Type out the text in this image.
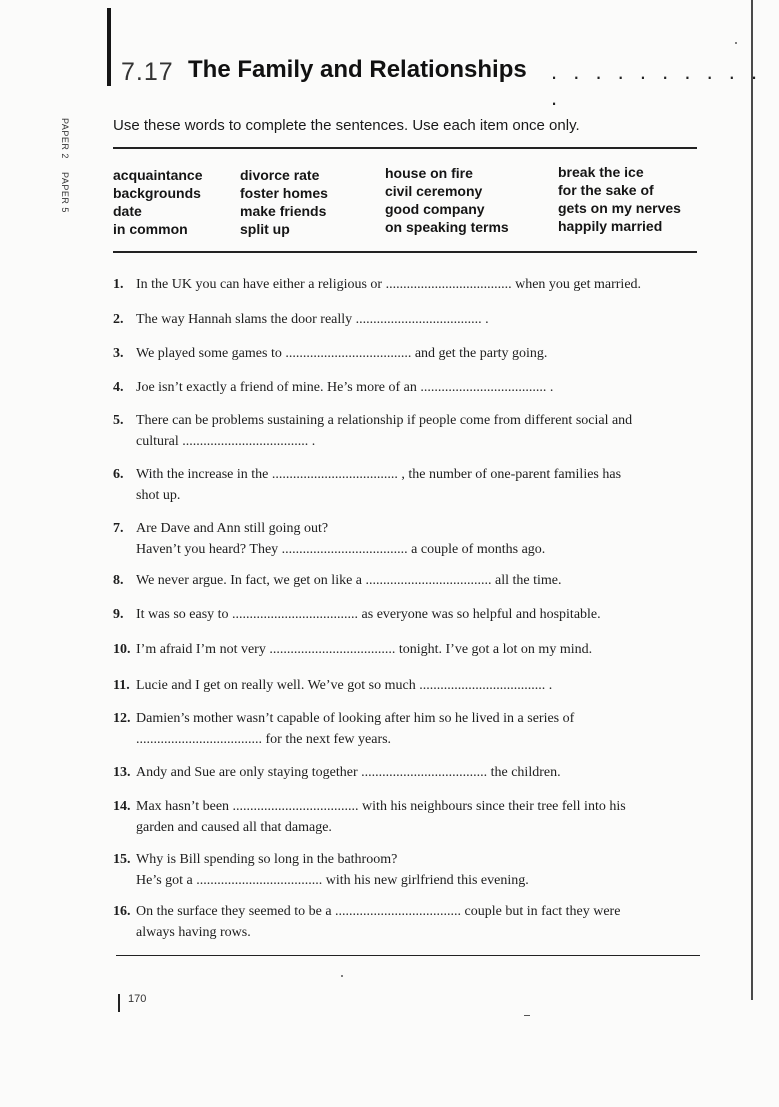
7.17 The Family and Relationships . . . . . . . . . . .
PAPER 2 PAPER 5
Use these words to complete the sentences. Use each item once only.
acquaintance
backgrounds
date
in common
divorce rate
foster homes
make friends
split up
house on fire
civil ceremony
good company
on speaking terms
break the ice
for the sake of
gets on my nerves
happily married
1. In the UK you can have either a religious or .................................... when you get married.
2. The way Hannah slams the door really .................................... .
3. We played some games to .................................... and get the party going.
4. Joe isn’t exactly a friend of mine. He’s more of an .................................... .
5. There can be problems sustaining a relationship if people come from different social and
cultural .................................... .
6. With the increase in the .................................... , the number of one-parent families has
shot up.
7. Are Dave and Ann still going out?
Haven’t you heard? They .................................... a couple of months ago.
8. We never argue. In fact, we get on like a .................................... all the time.
9. It was so easy to .................................... as everyone was so helpful and hospitable.
10. I’m afraid I’m not very .................................... tonight. I’ve got a lot on my mind.
11. Lucie and I get on really well. We’ve got so much .................................... .
12. Damien’s mother wasn’t capable of looking after him so he lived in a series of
.................................... for the next few years.
13. Andy and Sue are only staying together .................................... the children.
14. Max hasn’t been .................................... with his neighbours since their tree fell into his
garden and caused all that damage.
15. Why is Bill spending so long in the bathroom?
He’s got a .................................... with his new girlfriend this evening.
16. On the surface they seemed to be a .................................... couple but in fact they were
always having rows.
170
